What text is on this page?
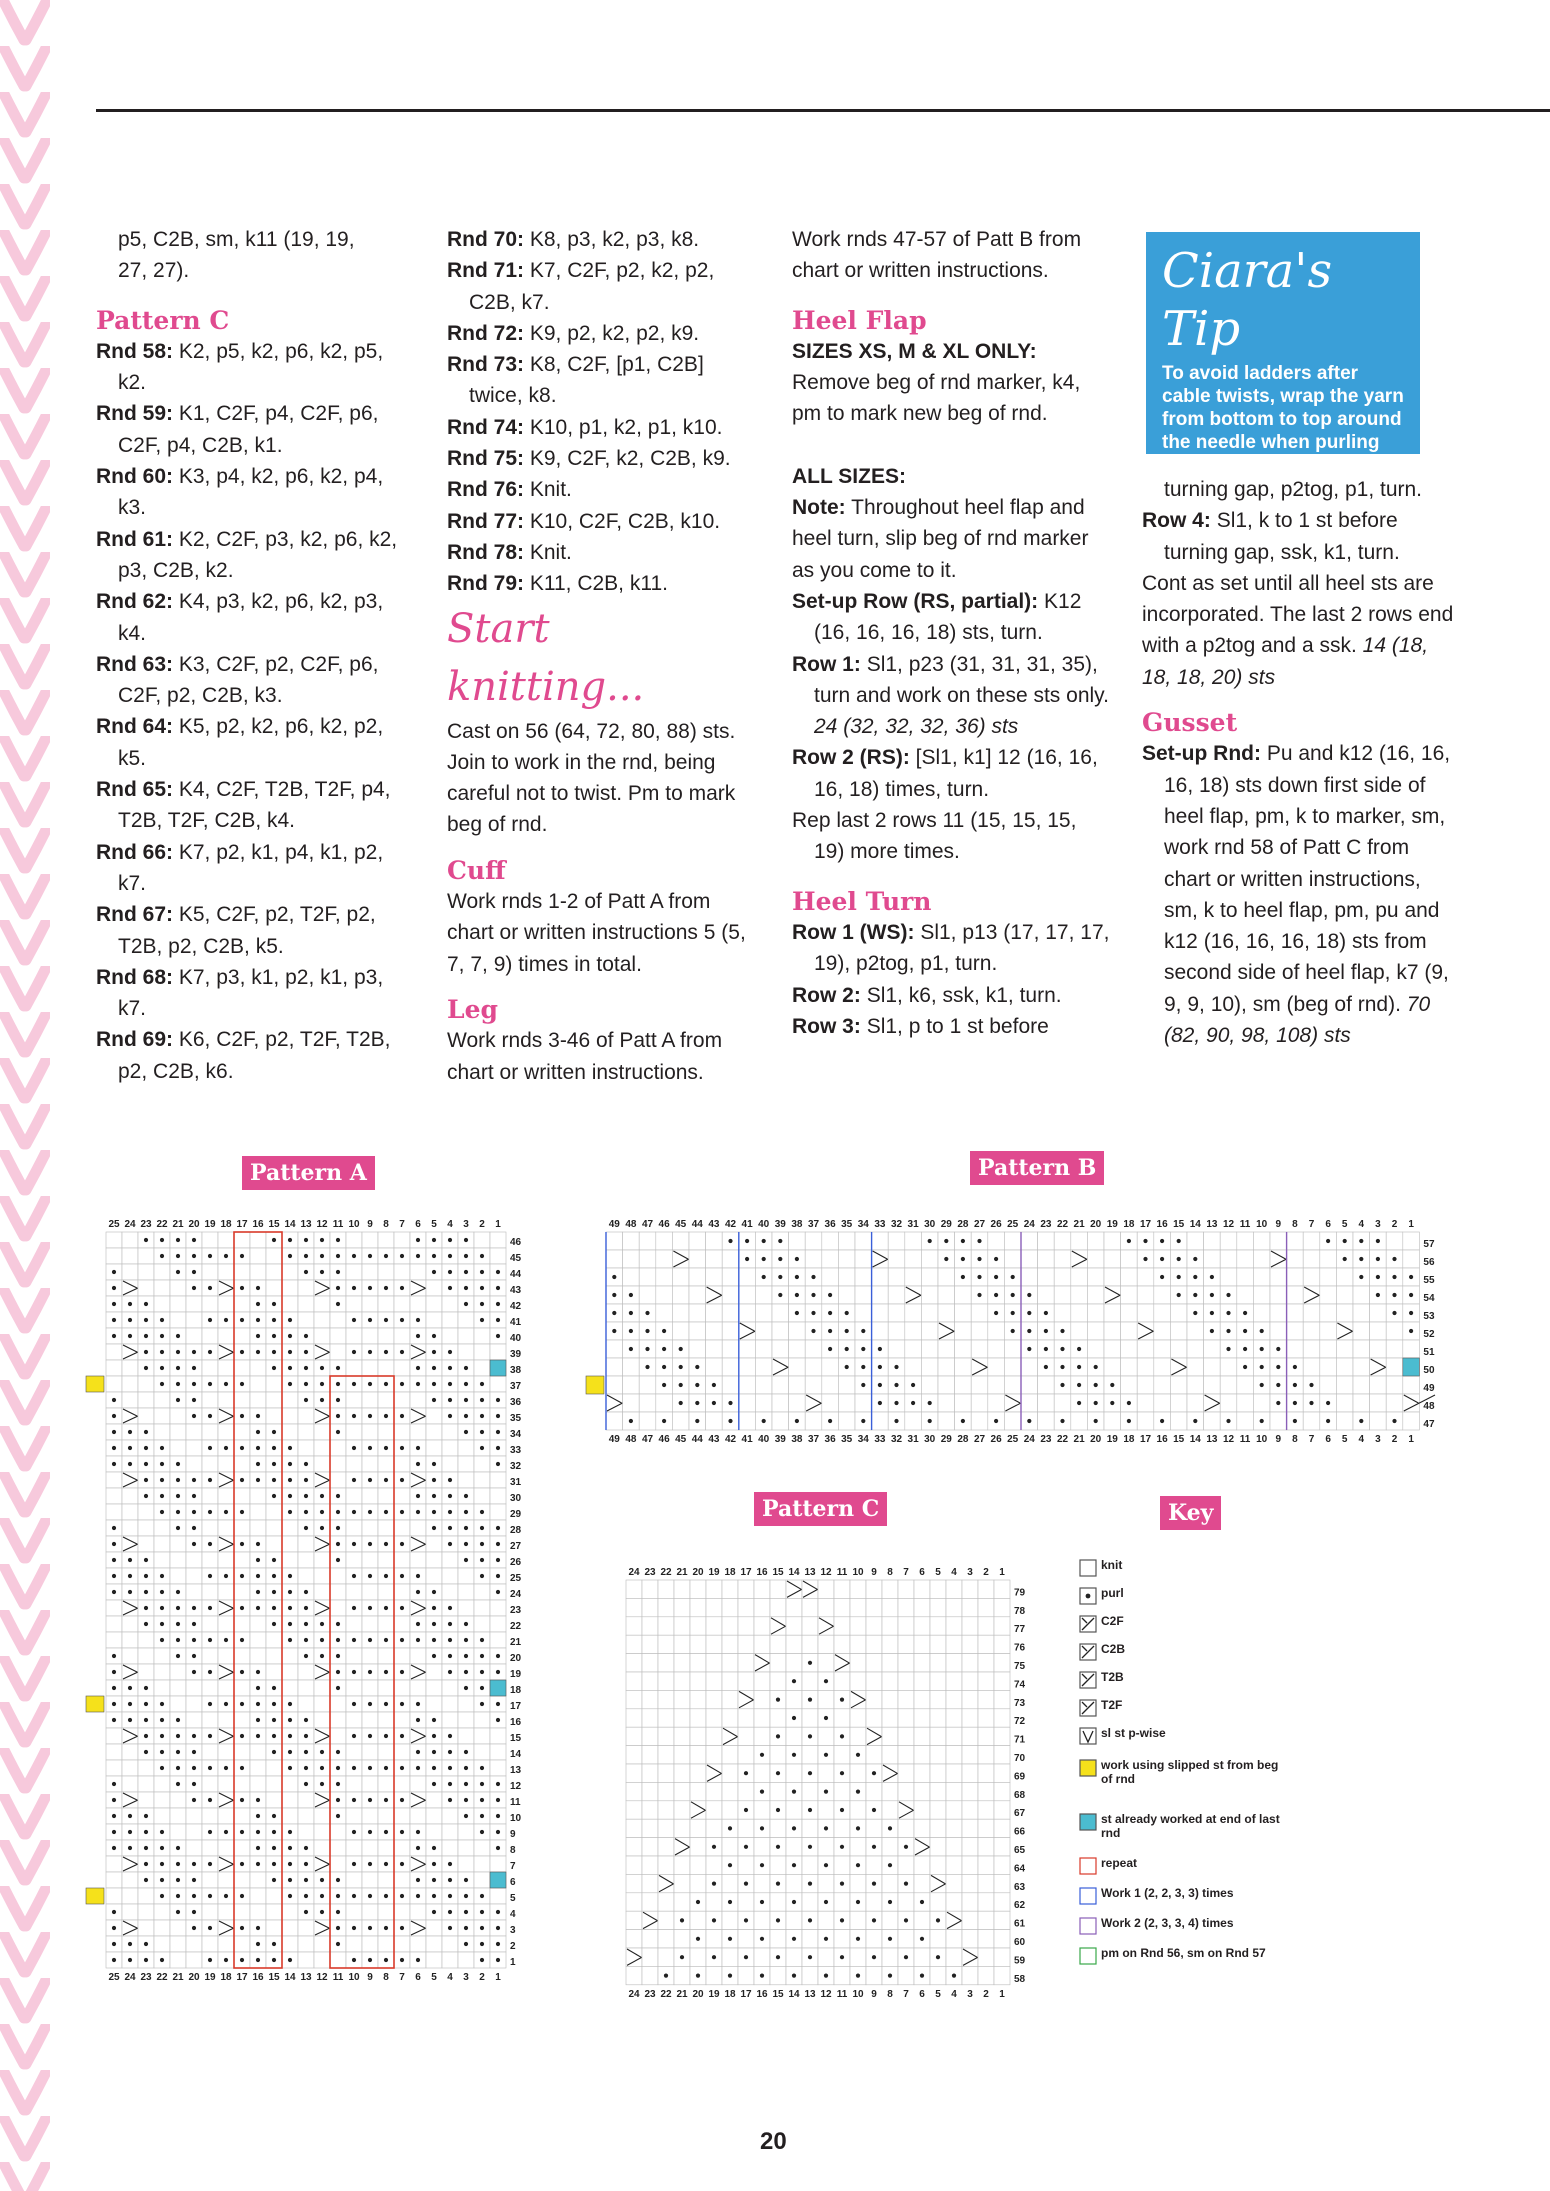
p5, C2B, sm, k11 (19, 19,

27, 27).

Pattern C

Rnd 58: K2, p5, k2, p6, k2, p5, k2.

Rnd 59: K1, C2F, p4, C2F, p6, C2F, p4, C2B, k1.

Rnd 60: K3, p4, k2, p6, k2, p4, k3.

Rnd 61: K2, C2F, p3, k2, p6, k2, p3, C2B, k2.

Rnd 62: K4, p3, k2, p6, k2, p3, k4.

Rnd 63: K3, C2F, p2, C2F, p6, C2F, p2, C2B, k3.

Rnd 64: K5, p2, k2, p6, k2, p2, k5.

Rnd 65: K4, C2F, T2B, T2F, p4, T2B, T2F, C2B, k4.

Rnd 66: K7, p2, k1, p4, k1, p2, k7.

Rnd 67: K5, C2F, p2, T2F, p2, T2B, p2, C2B, k5.

Rnd 68: K7, p3, k1, p2, k1, p3, k7.

Rnd 69: K6, C2F, p2, T2F, T2B, p2, C2B, k6.

Rnd 70: K8, p3, k2, p3, k8.

Rnd 71: K7, C2F, p2, k2, p2, C2B, k7.

Rnd 72: K9, p2, k2, p2, k9.

Rnd 73: K8, C2F, [p1, C2B] twice, k8.

Rnd 74: K10, p1, k2, p1, k10.

Rnd 75: K9, C2F, k2, C2B, k9.

Rnd 76: Knit.

Rnd 77: K10, C2F, C2B, k10.

Rnd 78: Knit.

Rnd 79: K11, C2B, k11.

Start knitting...

Cast on 56 (64, 72, 80, 88) sts. Join to work in the rnd, being careful not to twist. Pm to mark beg of rnd.

Cuff

Work rnds 1-2 of Patt A from chart or written instructions 5 (5, 7, 7, 9) times in total.

Leg

Work rnds 3-46 of Patt A from chart or written instructions.

Work rnds 47-57 of Patt B from chart or written instructions.

Heel Flap

SIZES XS, M & XL ONLY:

Remove beg of rnd marker, k4, pm to mark new beg of rnd.

ALL SIZES:

Note: Throughout heel flap and heel turn, slip beg of rnd marker as you come to it.

Set-up Row (RS, partial): K12 (16, 16, 16, 18) sts, turn.

Row 1: Sl1, p23 (31, 31, 31, 35), turn and work on these sts only. 24 (32, 32, 32, 36) sts

Row 2 (RS): [Sl1, k1] 12 (16, 16, 16, 18) times, turn.

Rep last 2 rows 11 (15, 15, 15, 19) more times.

Heel Turn

Row 1 (WS): Sl1, p13 (17, 17, 17, 19), p2tog, p1, turn.

Row 2: Sl1, k6, ssk, k1, turn.

Row 3: Sl1, p to 1 st before

Ciara's Tip
To avoid ladders after cable twists, wrap the yarn from bottom to top around the needle when purling the next st

turning gap, p2tog, p1, turn.

Row 4: Sl1, k to 1 st before turning gap, ssk, k1, turn.

Cont as set until all heel sts are incorporated. The last 2 rows end with a p2tog and a ssk. 14 (18, 18, 18, 20) sts

Gusset

Set-up Rnd: Pu and k12 (16, 16, 16, 18) sts down first side of heel flap, pm, k to marker, sm, work rnd 58 of Patt C from chart or written instructions, sm, k to heel flap, pm, pu and k12 (16, 16, 16, 18) sts from second side of heel flap, k7 (9, 9, 9, 10), sm (beg of rnd). 70 (82, 90, 98, 108) sts

Pattern A	Pattern B
Pattern C	Key
25
25
24
24
23
23
22
22
21
21
20
20
19
19
18
18
17
17
16
16
15
15
14
14
13
13
12
12
11
11
10
10
9
9
8
8
7
7
6
6
5
5
4
4
3
3
2
2
1
1
46
45
44
43
42
41
40
39
38
37
36
35
34
33
32
31
30
29
28
27
26
25
24
23
22
21
20
19
18
17
16
15
14
13
12
11
10
9
8
7
6
5
4
3
2
1
49
49
48
48
47
47
46
46
45
45
44
44
43
43
42
42
41
41
40
40
39
39
38
38
37
37
36
36
35
35
34
34
33
33
32
32
31
31
30
30
29
29
28
28
27
27
26
26
25
25
24
24
23
23
22
22
21
21
20
20
19
19
18
18
17
17
16
16
15
15
14
14
13
13
12
12
11
11
10
10
9
9
8
8
7
7
6
6
5
5
4
4
3
3
2
2
1
1
57
56
55
54
53
52
51
50
49
48
47
24
24
23
23
22
22
21
21
20
20
19
19
18
18
17
17
16
16
15
15
14
14
13
13
12
12
11
11
10
10
9
9
8
8
7
7
6
6
5
5
4
4
3
3
2
2
1
1
79
78
77
76
75
74
73
72
71
70
69
68
67
66
65
64
63
62
61
60
59
58
knit
purl
C2F
C2B
T2B
T2F
sl st p-wise
work using slipped st from beg of rnd
st already worked at end of last rnd
repeat
Work 1 (2, 2, 3, 3) times
Work 2 (2, 3, 3, 4) times
pm on Rnd 56, sm on Rnd 57
20
